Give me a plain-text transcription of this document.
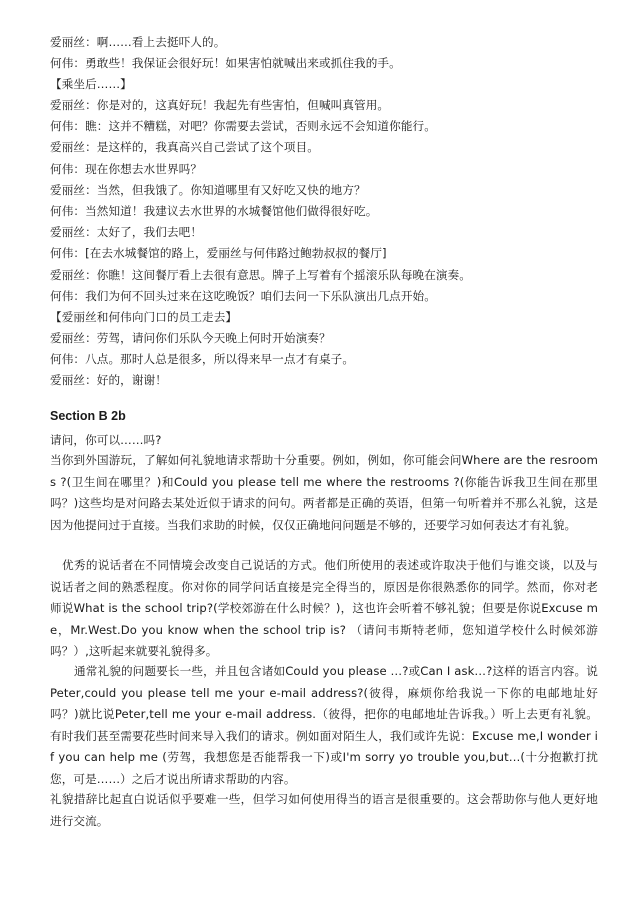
爱丽丝：啊……看上去挺吓人的。
何伟：勇敢些！我保证会很好玩！如果害怕就喊出来或抓住我的手。
【乘坐后……】
爱丽丝：你是对的，这真好玩！我起先有些害怕，但喊叫真管用。
何伟：瞧：这并不糟糕，对吧？你需要去尝试，否则永远不会知道你能行。
爱丽丝：是这样的，我真高兴自己尝试了这个项目。
何伟：现在你想去水世界吗？
爱丽丝：当然，但我饿了。你知道哪里有又好吃又快的地方？
何伟：当然知道！我建议去水世界的水城餐馆他们做得很好吃。
爱丽丝：太好了，我们去吧！
何伟：[在去水城餐馆的路上，爱丽丝与何伟路过鲍勃叔叔的餐厅]
爱丽丝：你瞧！这间餐厅看上去很有意思。牌子上写着有个摇滚乐队每晚在演奏。
何伟：我们为何不回头过来在这吃晚饭？咱们去问一下乐队演出几点开始。
【爱丽丝和何伟向门口的员工走去】
爱丽丝：劳驾，请问你们乐队今天晚上何时开始演奏？
何伟：八点。那时人总是很多，所以得来早一点才有桌子。
爱丽丝：好的，谢谢！
Section B 2b
请问，你可以……吗?
当你到外国游玩，了解如何礼貌地请求帮助十分重要。例如，例如，你可能会问Where are the resrooms ?(卫生间在哪里？)和Could you please tell me where the restrooms ?(你能告诉我卫生间在那里吗？)这些均是对问路去某处近似于请求的问句。两者都是正确的英语，但第一句听着并不那么礼貌，这是因为他提问过于直接。当我们求助的时候，仅仅正确地问问题是不够的，还要学习如何表达才有礼貌。
优秀的说话者在不同情境会改变自己说话的方式。他们所使用的表述或许取决于他们与谁交谈，以及与说话者之间的熟悉程度。你对你的同学问话直接是完全得当的，原因是你很熟悉你的同学。然而，你对老师说What is the school trip?(学校郊游在什么时候？)，这也许会听着不够礼貌；但要是你说Excuse me，Mr.West.Do you know when the school trip is? （请问韦斯特老师，您知道学校什么时候郊游吗？）,这听起来就要礼貌得多。
通常礼貌的问题要长一些，并且包含诸如Could you please …?或Can I ask…?这样的语言内容。说Peter,could you please tell me your e-mail address?(彼得，麻烦你给我说一下你的电邮地址好吗？)就比说Peter,tell me your e-mail address.（彼得，把你的电邮地址告诉我。）听上去更有礼貌。有时我们甚至需要花些时间来导入我们的请求。例如面对陌生人，我们或许先说：Excuse me,I wonder if you can help me (劳驾，我想您是否能帮我一下)或I'm sorry yo trouble you,but…(十分抱歉打扰您，可是……）之后才说出所请求帮助的内容。
礼貌措辞比起直白说话似乎要难一些，但学习如何使用得当的语言是很重要的。这会帮助你与他人更好地进行交流。
